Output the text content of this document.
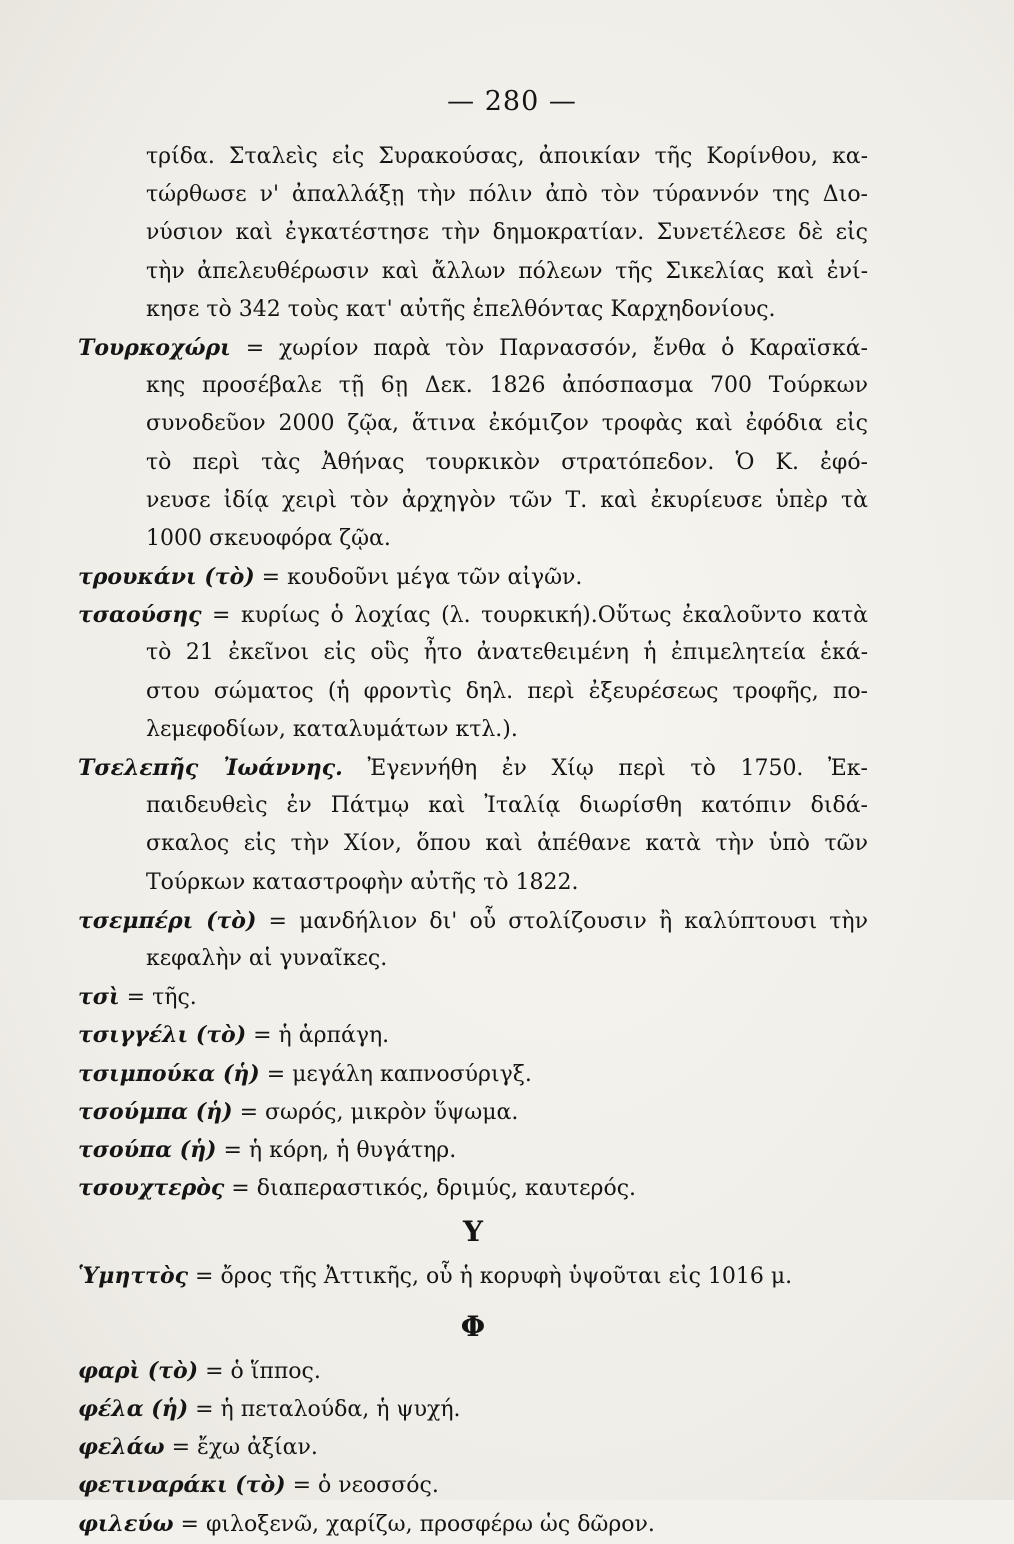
— 280 —
τρίδα. Σταλεὶς εἰς Συρακούσας, ἀποικίαν τῆς Κορίνθου, κα-
τώρθωσε ν' ἀπαλλάξῃ τὴν πόλιν ἀπὸ τὸν τύραννόν της Διο-
νύσιον καὶ ἐγκατέστησε τὴν δημοκρατίαν. Συνετέλεσε δὲ εἰς
τὴν ἀπελευθέρωσιν καὶ ἄλλων πόλεων τῆς Σικελίας καὶ ἐνί-
κησε τὸ 342 τοὺς κατ' αὐτῆς ἐπελθόντας Καρχηδονίους.
Τουρκοχώρι = χωρίον παρὰ τὸν Παρνασσόν, ἔνθα ὁ Καραϊσκά-
κης προσέβαλε τῇ 6ῃ Δεκ. 1826 ἀπόσπασμα 700 Τούρκων
συνοδεῦον 2000 ζῷα, ἅτινα ἐκόμιζον τροφὰς καὶ ἐφόδια εἰς
τὸ περὶ τὰς Ἀθήνας τουρκικὸν στρατόπεδον. Ὁ Κ. ἐφό-
νευσε ἰδίᾳ χειρὶ τὸν ἀρχηγὸν τῶν Τ. καὶ ἐκυρίευσε ὑπὲρ τὰ
1000 σκευοφόρα ζῷα.
τρουκάνι (τὸ) = κουδοῦνι μέγα τῶν αἰγῶν.
τσαούσης = κυρίως ὁ λοχίας (λ. τουρκική).Οὕτως ἐκαλοῦντο κατὰ
τὸ 21 ἐκεῖνοι εἰς οὓς ἦτο ἀνατεθειμένη ἡ ἐπιμελητεία ἑκά-
στου σώματος (ἡ φροντὶς δηλ. περὶ ἐξευρέσεως τροφῆς, πο-
λεμεφοδίων, καταλυμάτων κτλ.).
Τσελεπῆς Ἰωάννης. Ἐγεννήθη ἐν Χίῳ περὶ τὸ 1750. Ἐκ-
παιδευθεὶς ἐν Πάτμῳ καὶ Ἰταλίᾳ διωρίσθη κατόπιν διδά-
σκαλος εἰς τὴν Χίον, ὅπου καὶ ἀπέθανε κατὰ τὴν ὑπὸ τῶν
Τούρκων καταστροφὴν αὐτῆς τὸ 1822.
τσεμπέρι (τὸ) = μανδήλιον δι' οὗ στολίζουσιν ἢ καλύπτουσι τὴν
κεφαλὴν αἱ γυναῖκες.
τσὶ = τῆς.
τσιγγέλι (τὸ) = ἡ ἁρπάγη.
τσιμπούκα (ἡ) = μεγάλη καπνοσύριγξ.
τσούμπα (ἡ) = σωρός, μικρὸν ὕψωμα.
τσούπα (ἡ) = ἡ κόρη, ἡ θυγάτηρ.
τσουχτερὸς = διαπεραστικός, δριμύς, καυτερός.
Υ
Ὑμηττὸς = ὄρος τῆς Ἀττικῆς, οὗ ἡ κορυφὴ ὑψοῦται εἰς 1016 μ.
Φ
φαρὶ (τὸ) = ὁ ἵππος.
φέλα (ἡ) = ἡ πεταλούδα, ἡ ψυχή.
φελάω = ἔχω ἀξίαν.
φετιναράκι (τὸ) = ὁ νεοσσός.
φιλεύω = φιλοξενῶ, χαρίζω, προσφέρω ὡς δῶρον.
